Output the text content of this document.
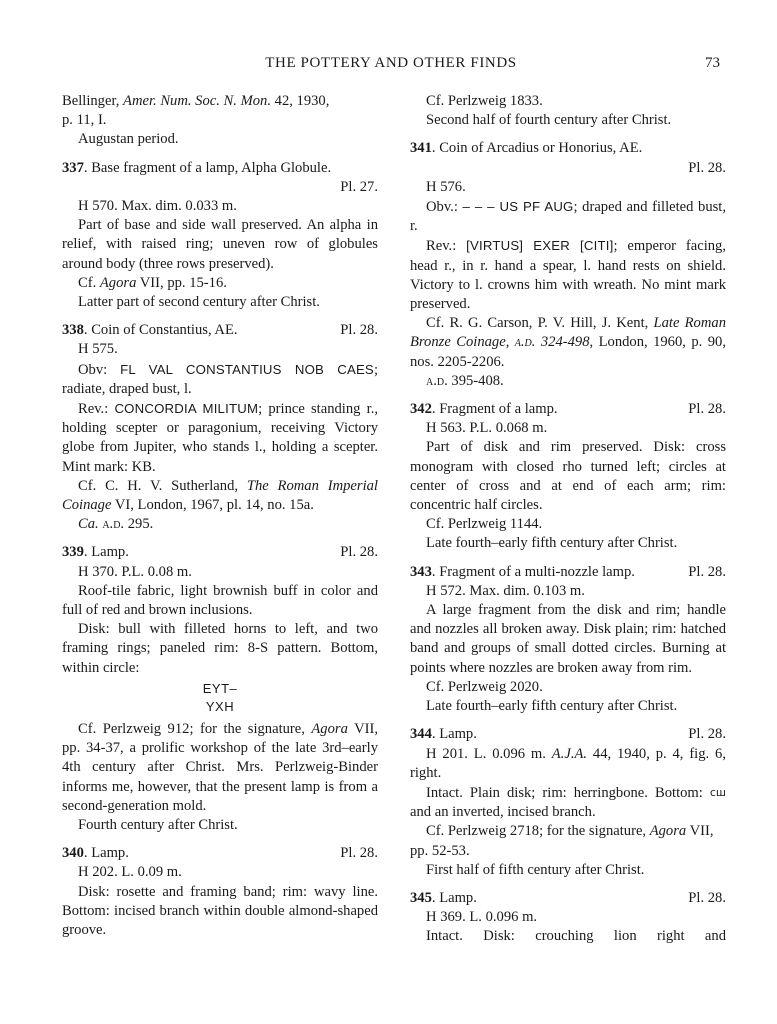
THE POTTERY AND OTHER FINDS	73

Bellinger, Amer. Num. Soc. N. Mon. 42, 1930,
p. 11, I.

Augustan period.

337. Base fragment of a lamp, Alpha Globule.

Pl. 27.

H 570. Max. dim. 0.033 m.

Part of base and side wall preserved. An alpha in relief, with raised ring; uneven row of globules around body (three rows preserved).

Cf. Agora VII, pp. 15-16.

Latter part of second century after Christ.

338. Coin of Constantius, AE.	Pl. 28.

H 575.

Obv: FL VAL CONSTANTIUS NOB CAES; radiate, draped bust, l.

Rev.: CONCORDIA MILITUM; prince standing r., holding scepter or paragonium, receiving Victory globe from Jupiter, who stands l., holding a scepter. Mint mark: KB.

Cf. C. H. V. Sutherland, The Roman Imperial Coinage VI, London, 1967, pl. 14, no. 15a.

Ca. a.d. 295.

339. Lamp.	Pl. 28.

H 370. P.L. 0.08 m.

Roof-tile fabric, light brownish buff in color and full of red and brown inclusions.

Disk: bull with filleted horns to left, and two framing rings; paneled rim: 8-S pattern. Bottom, within circle:

EYT–
YXH

Cf. Perlzweig 912; for the signature, Agora VII, pp. 34-37, a prolific workshop of the late 3rd–early 4th century after Christ. Mrs. Perlzweig-Binder informs me, however, that the present lamp is from a second-generation mold.

Fourth century after Christ.

340. Lamp.	Pl. 28.

H 202. L. 0.09 m.

Disk: rosette and framing band; rim: wavy line. Bottom: incised branch within double almond-shaped groove.

Cf. Perlzweig 1833.

Second half of fourth century after Christ.

341. Coin of Arcadius or Honorius, AE.

Pl. 28.

H 576.

Obv.: – – – US PF AUG; draped and filleted bust, r.

Rev.: [VIRTUS] EXER [CITI]; emperor facing, head r., in r. hand a spear, l. hand rests on shield. Victory to l. crowns him with wreath. No mint mark preserved.

Cf. R. G. Carson, P. V. Hill, J. Kent, Late Roman Bronze Coinage, a.d. 324-498, London, 1960, p. 90, nos. 2205-2206.

a.d. 395-408.

342. Fragment of a lamp.	Pl. 28.

H 563. P.L. 0.068 m.

Part of disk and rim preserved. Disk: cross monogram with closed rho turned left; circles at center of cross and at end of each arm; rim: concentric half circles.

Cf. Perlzweig 1144.

Late fourth–early fifth century after Christ.

343. Fragment of a multi-nozzle lamp.	Pl. 28.

H 572. Max. dim. 0.103 m.

A large fragment from the disk and rim; handle and nozzles all broken away. Disk plain; rim: hatched band and groups of small dotted circles. Burning at points where nozzles are broken away from rim.

Cf. Perlzweig 2020.

Late fourth–early fifth century after Christ.

344. Lamp.	Pl. 28.

H 201. L. 0.096 m. A.J.A. 44, 1940, p. 4, fig. 6, right.

Intact. Plain disk; rim: herringbone. Bottom: ϲш and an inverted, incised branch.

Cf. Perlzweig 2718; for the signature, Agora VII, pp. 52-53.

First half of fifth century after Christ.

345. Lamp.	Pl. 28.

H 369. L. 0.096 m.

Intact. Disk: crouching lion right and
